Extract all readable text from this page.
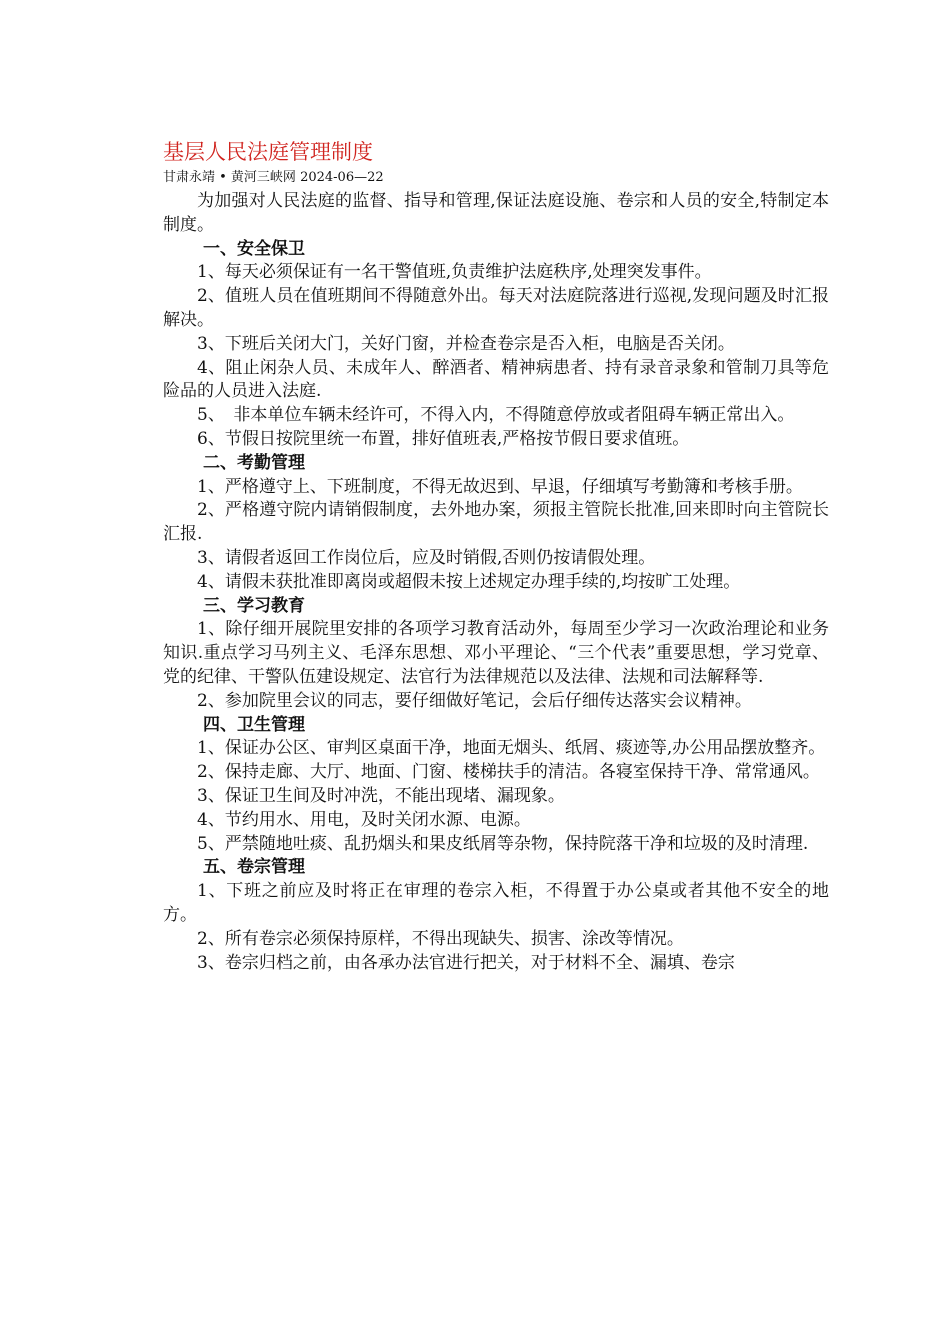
基层人民法庭管理制度
甘肃永靖 • 黄河三峡网 2024-06—22

为加强对人民法庭的监督、指导和管理,保证法庭设施、卷宗和人员的安全,特制定本制度。

一、安全保卫

1、每天必须保证有一名干警值班,负责维护法庭秩序,处理突发事件。

2、值班人员在值班期间不得随意外出。每天对法庭院落进行巡视,发现问题及时汇报解决。

3、下班后关闭大门，关好门窗，并检查卷宗是否入柜，电脑是否关闭。

4、阻止闲杂人员、未成年人、醉酒者、精神病患者、持有录音录象和管制刀具等危险品的人员进入法庭.

5、　非本单位车辆未经许可，不得入内，不得随意停放或者阻碍车辆正常出入。

6、节假日按院里统一布置，排好值班表,严格按节假日要求值班。

二、考勤管理

1、严格遵守上、下班制度，不得无故迟到、早退，仔细填写考勤簿和考核手册。

2、严格遵守院内请销假制度，去外地办案，须报主管院长批准,回来即时向主管院长汇报.

3、请假者返回工作岗位后，应及时销假,否则仍按请假处理。

4、请假未获批准即离岗或超假未按上述规定办理手续的,均按旷工处理。

三、学习教育

1、除仔细开展院里安排的各项学习教育活动外，每周至少学习一次政治理论和业务知识.重点学习马列主义、毛泽东思想、邓小平理论、“三个代表”重要思想，学习党章、党的纪律、干警队伍建设规定、法官行为法律规范以及法律、法规和司法解释等.

2、参加院里会议的同志，要仔细做好笔记，会后仔细传达落实会议精神。

四、卫生管理

1、保证办公区、审判区桌面干净，地面无烟头、纸屑、痰迹等,办公用品摆放整齐。

2、保持走廊、大厅、地面、门窗、楼梯扶手的清洁。各寝室保持干净、常常通风。

3、保证卫生间及时冲洗，不能出现堵、漏现象。

4、节约用水、用电，及时关闭水源、电源。

5、严禁随地吐痰、乱扔烟头和果皮纸屑等杂物，保持院落干净和垃圾的及时清理.

五、卷宗管理

1、下班之前应及时将正在审理的卷宗入柜，不得置于办公桌或者其他不安全的地方。

2、所有卷宗必须保持原样，不得出现缺失、损害、涂改等情况。

3、卷宗归档之前，由各承办法官进行把关，对于材料不全、漏填、卷宗
